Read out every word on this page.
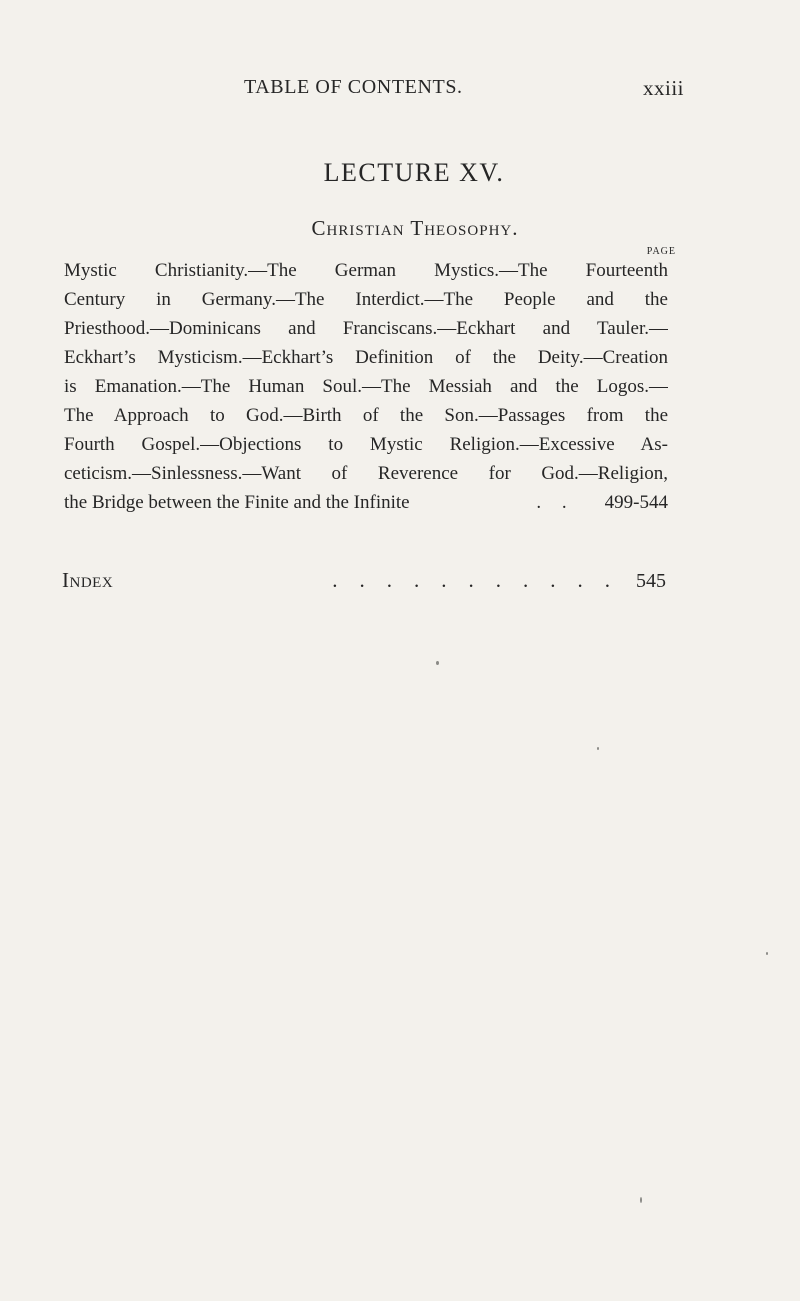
TABLE OF CONTENTS.	xxiii
LECTURE XV.
Christian Theosophy.
PAGE
Mystic Christianity.—The German Mystics.—The Fourteenth
Century in Germany.—The Interdict.—The People and the
Priesthood.—Dominicans and Franciscans.—Eckhart and Tauler.—
Eckhart’s Mysticism.—Eckhart’s Definition of the Deity.—Creation
is Emanation.—The Human Soul.—The Messiah and the Logos.—
The Approach to God.—Birth of the Son.—Passages from the
Fourth Gospel.—Objections to Mystic Religion.—Excessive As-
ceticism.—Sinlessness.—Want of Reverence for God.—Religion,
the Bridge between the Finite and the Infinite	. .	499-544
Index	........... 545
